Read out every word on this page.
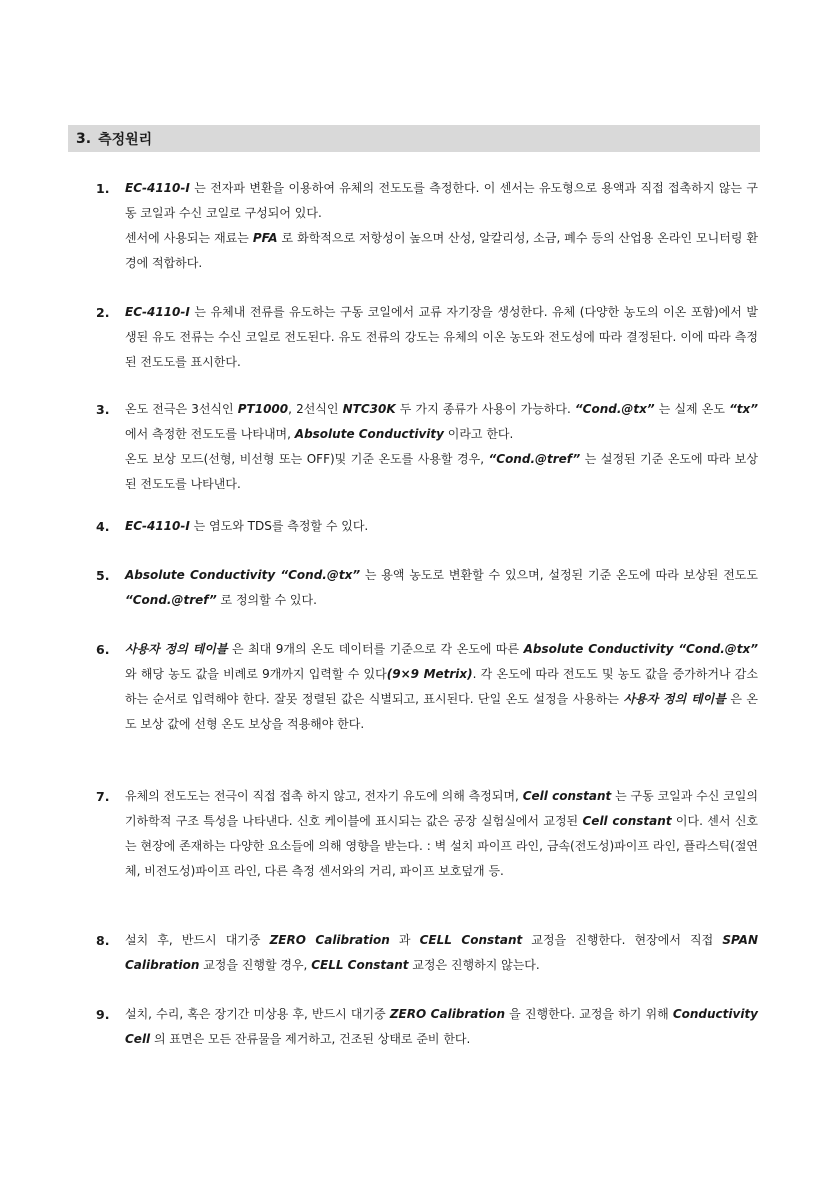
3. 측정원리
1. EC-4110-I 는 전자파 변환을 이용하여 유체의 전도도를 측정한다. 이 센서는 유도형으로 용액과 직접 접촉하지 않는 구동 코일과 수신 코일로 구성되어 있다.
센서에 사용되는 재료는 PFA 로 화학적으로 저항성이 높으며 산성, 알칼리성, 소금, 폐수 등의 산업용 온라인 모니터링 환경에 적합하다.
2. EC-4110-I 는 유체내 전류를 유도하는 구동 코일에서 교류 자기장을 생성한다. 유체 (다양한 농도의 이온 포함)에서 발생된 유도 전류는 수신 코일로 전도된다. 유도 전류의 강도는 유체의 이온 농도와 전도성에 따라 결정된다. 이에 따라 측정된 전도도를 표시한다.
3. 온도 전극은 3선식인 PT1000, 2선식인 NTC30K 두 가지 종류가 사용이 가능하다. “Cond.@tx” 는 실제 온도 “tx” 에서 측정한 전도도를 나타내며, Absolute Conductivity 이라고 한다.
온도 보상 모드(선형, 비선형 또는 OFF)및 기준 온도를 사용할 경우, “Cond.@tref” 는 설정된 기준 온도에 따라 보상된 전도도를 나타낸다.
4. EC-4110-I 는 염도와 TDS를 측정할 수 있다.
5. Absolute Conductivity “Cond.@tx” 는 용액 농도로 변환할 수 있으며, 설정된 기준 온도에 따라 보상된 전도도 “Cond.@tref” 로 정의할 수 있다.
6. 사용자 정의 테이블 은 최대 9개의 온도 데이터를 기준으로 각 온도에 따른 Absolute Conductivity “Cond.@tx” 와 해당 농도 값을 비례로 9개까지 입력할 수 있다(9×9 Metrix). 각 온도에 따라 전도도 및 농도 값을 증가하거나 감소하는 순서로 입력해야 한다. 잘못 정렬된 값은 식별되고, 표시된다. 단일 온도 설정을 사용하는 사용자 정의 테이블 은 온도 보상 값에 선형 온도 보상을 적용해야 한다.
7. 유체의 전도도는 전극이 직접 접촉 하지 않고, 전자기 유도에 의해 측정되며, Cell constant 는 구동 코일과 수신 코일의 기하학적 구조 특성을 나타낸다. 신호 케이블에 표시되는 값은 공장 실험실에서 교정된 Cell constant 이다. 센서 신호는 현장에 존재하는 다양한 요소들에 의해 영향을 받는다. : 벽 설치 파이프 라인, 금속(전도성)파이프 라인, 플라스틱(절연체, 비전도성)파이프 라인, 다른 측정 센서와의 거리, 파이프 보호덮개 등.
8. 설치 후, 반드시 대기중 ZERO Calibration 과 CELL Constant 교정을 진행한다. 현장에서 직접 SPAN Calibration 교정을 진행할 경우, CELL Constant 교정은 진행하지 않는다.
9. 설치, 수리, 혹은 장기간 미상용 후, 반드시 대기중 ZERO Calibration 을 진행한다. 교정을 하기 위해 Conductivity Cell 의 표면은 모든 잔류물을 제거하고, 건조된 상태로 준비 한다.
